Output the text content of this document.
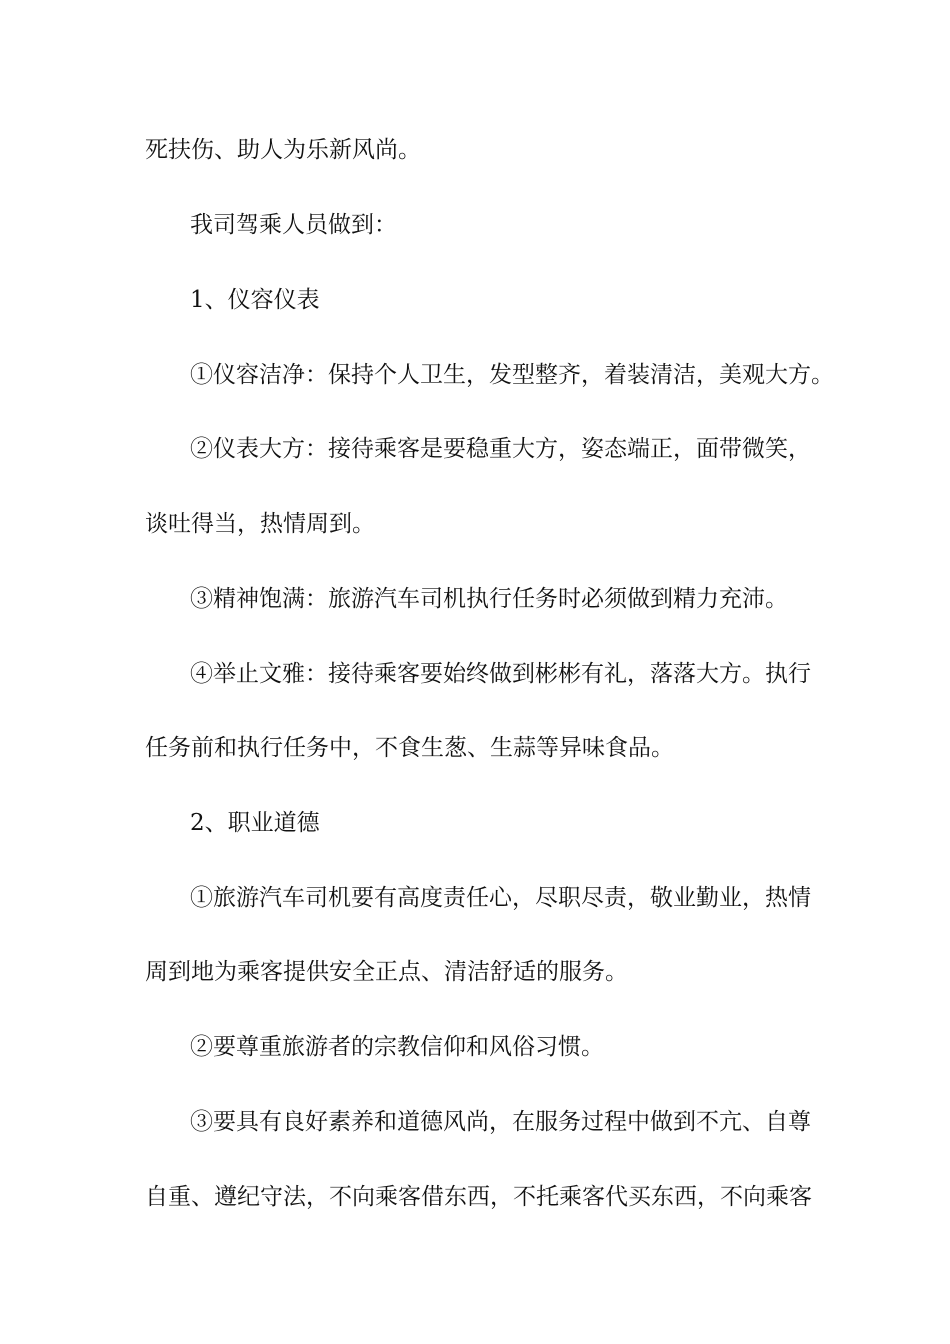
死扶伤、助人为乐新风尚。
我司驾乘人员做到：
1、仪容仪表
①仪容洁净：保持个人卫生，发型整齐，着装清洁，美观大方。
②仪表大方：接待乘客是要稳重大方，姿态端正，面带微笑，
谈吐得当，热情周到。
③精神饱满：旅游汽车司机执行任务时必须做到精力充沛。
④举止文雅：接待乘客要始终做到彬彬有礼，落落大方。执行
任务前和执行任务中，不食生葱、生蒜等异味食品。
2、职业道德
①旅游汽车司机要有高度责任心，尽职尽责，敬业勤业，热情
周到地为乘客提供安全正点、清洁舒适的服务。
②要尊重旅游者的宗教信仰和风俗习惯。
③要具有良好素养和道德风尚，在服务过程中做到不亢、自尊
自重、遵纪守法，不向乘客借东西，不托乘客代买东西，不向乘客
